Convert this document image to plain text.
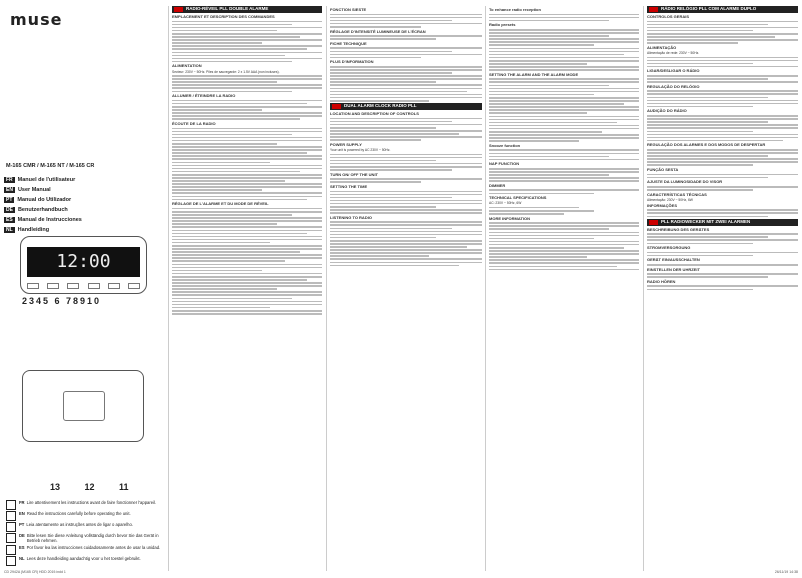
muse
M-165 CMR / M-165 NT / M-165 CR
FR Manuel de l'utilisateur
EN User Manual
PT Manual do Utilizador
DE Benutzerhandbuch
ES Manual de Instrucciones
NL Handleiding
12:00
2345 6 78910
13 12 11
FR Lire attentivement les instructions avant de faire fonctionner l'appareil.
EN Read the instructions carefully before operating the unit.
PT Leia atentamente as instruções antes de ligar o aparelho.
DE Bitte lesen Sie diese Anleitung vollständig durch bevor Sie das Gerät in Betrieb nehmen.
ES Por favor lea las instrucciones cuidadosamente antes de usar la unidad.
NL Lees deze handleiding aandachtig voor u het toestel gebruikt.
CD 2942A (M165 CR) HDD 2019.indd 1	26/11/19 14:38
RADIO-RÉVEIL PLL DOUBLE ALARME
EMPLACEMENT ET DESCRIPTION DES COMMANDES
ALIMENTATION
Secteur: 230V ~ 50Hz. Piles de sauvegarde: 2 x 1.5V AAA (non incluses).
ALLUMER / ÉTEINDRE LA RADIO
ÉCOUTE DE LA RADIO
RÉGLAGE DE L'ALARME ET DU MODE DE RÉVEIL
FONCTION SIESTE
RÉGLAGE D'INTENSITÉ LUMINEUSE DE L'ÉCRAN
FICHE TECHNIQUE
PLUS D'INFORMATION
DUAL ALARM CLOCK RADIO PLL
LOCATION AND DESCRIPTION OF CONTROLS
POWER SUPPLY
Your unit is powered by AC 230V ~ 50Hz.
TURN ON/ OFF THE UNIT
SETTING THE TIME
LISTENING TO RADIO
To enhance radio reception
Radio presets
SETTING THE ALARM AND THE ALARM MODE
Snooze function
NAP FUNCTION
DIMMER
TECHNICAL SPECIFICATIONS
AC: 230V ~ 50Hz, 6W
MORE INFORMATION
RÁDIO RELÓGIO PLL COM ALARME DUPLO
CONTROLOS GERAIS
ALIMENTAÇÃO
Alimentação de rede: 230V ~ 50Hz.
LIGAR/DESLIGAR O RÁDIO
REGULAÇÃO DO RELÓGIO
AUDIÇÃO DO RÁDIO
REGULAÇÃO DOS ALARMES E DOS MODOS DE DESPERTAR
FUNÇÃO SESTA
AJUSTE DA LUMINOSIDADE DO VISOR
CARACTERÍSTICAS TÉCNICAS
Alimentação: 230V ~ 50Hz, 6W
INFORMAÇÕES
PLL RADIOWECKER MIT ZWEI ALARMEN
BESCHREIBUNG DES GERÄTES
STROMVERSORGUNG
GERÄT EIN/AUSSCHALTEN
EINSTELLEN DER UHRZEIT
RADIO HÖREN
